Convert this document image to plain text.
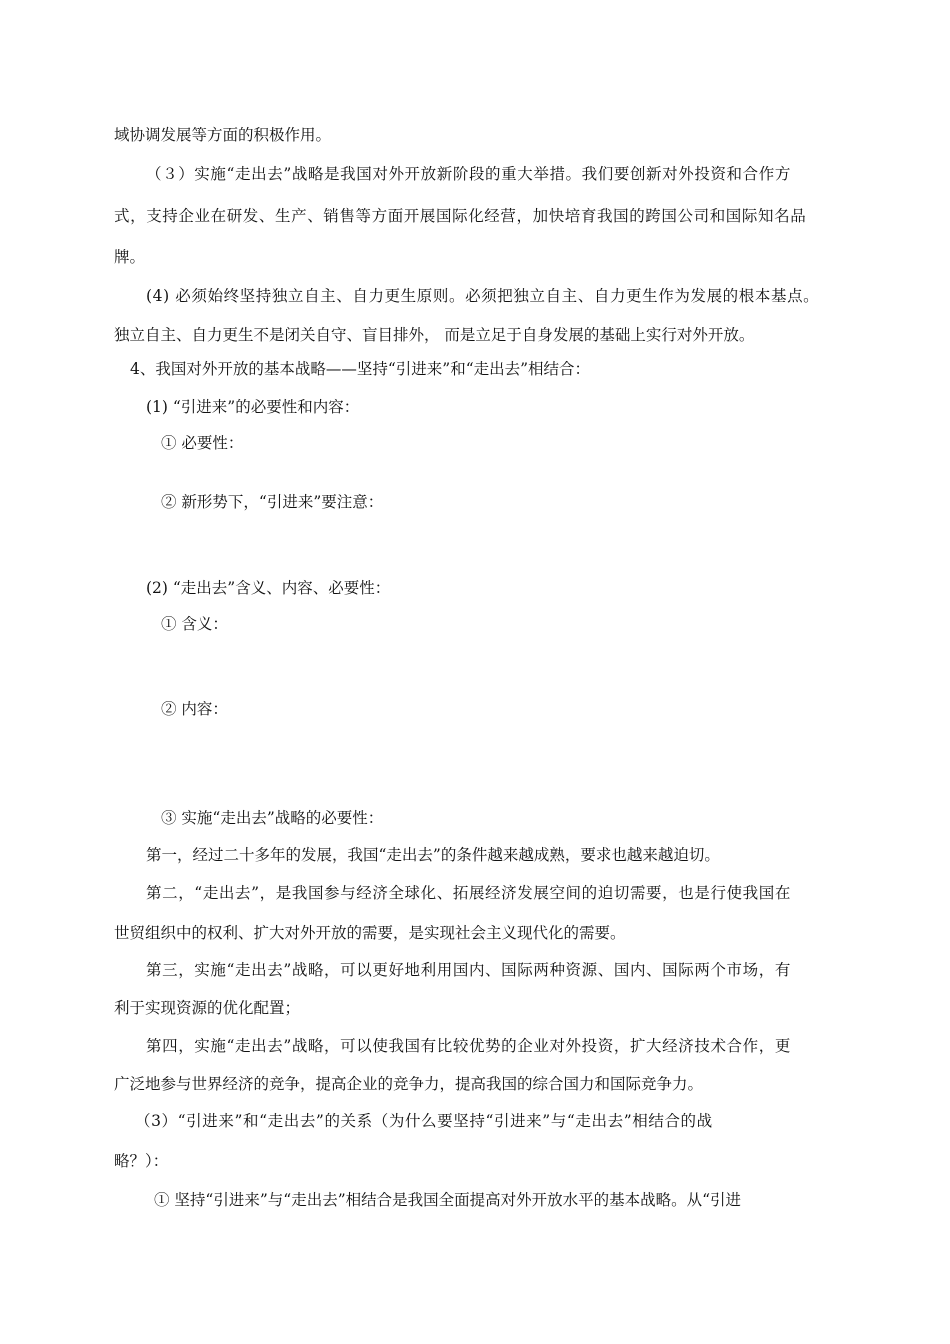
域协调发展等方面的积极作用。
（３）实施“走出去”战略是我国对外开放新阶段的重大举措。我们要创新对外投资和合作方
式，支持企业在研发、生产、销售等方面开展国际化经营，加快培育我国的跨国公司和国际知名品
牌。
(4) 必须始终坚持独立自主、自力更生原则。必须把独立自主、自力更生作为发展的根本基点。
独立自主、自力更生不是闭关自守、盲目排外， 而是立足于自身发展的基础上实行对外开放。
4、我国对外开放的基本战略——坚持“引进来”和“走出去”相结合：
(1) “引进来”的必要性和内容：
① 必要性：
② 新形势下，“引进来”要注意：
(2) “走出去”含义、内容、必要性：
① 含义：
② 内容：
③ 实施“走出去”战略的必要性：
第一，经过二十多年的发展，我国“走出去”的条件越来越成熟，要求也越来越迫切。
第二，“走出去”，是我国参与经济全球化、拓展经济发展空间的迫切需要，也是行使我国在
世贸组织中的权利、扩大对外开放的需要，是实现社会主义现代化的需要。
第三，实施“走出去”战略，可以更好地利用国内、国际两种资源、国内、国际两个市场，有
利于实现资源的优化配置；
第四，实施“走出去”战略，可以使我国有比较优势的企业对外投资，扩大经济技术合作，更
广泛地参与世界经济的竞争，提高企业的竞争力，提高我国的综合国力和国际竞争力。
（3）“引进来”和“走出去”的关系（为什么要坚持“引进来”与“走出去”相结合的战
略？）：
① 坚持“引进来”与“走出去”相结合是我国全面提高对外开放水平的基本战略。从“引进
